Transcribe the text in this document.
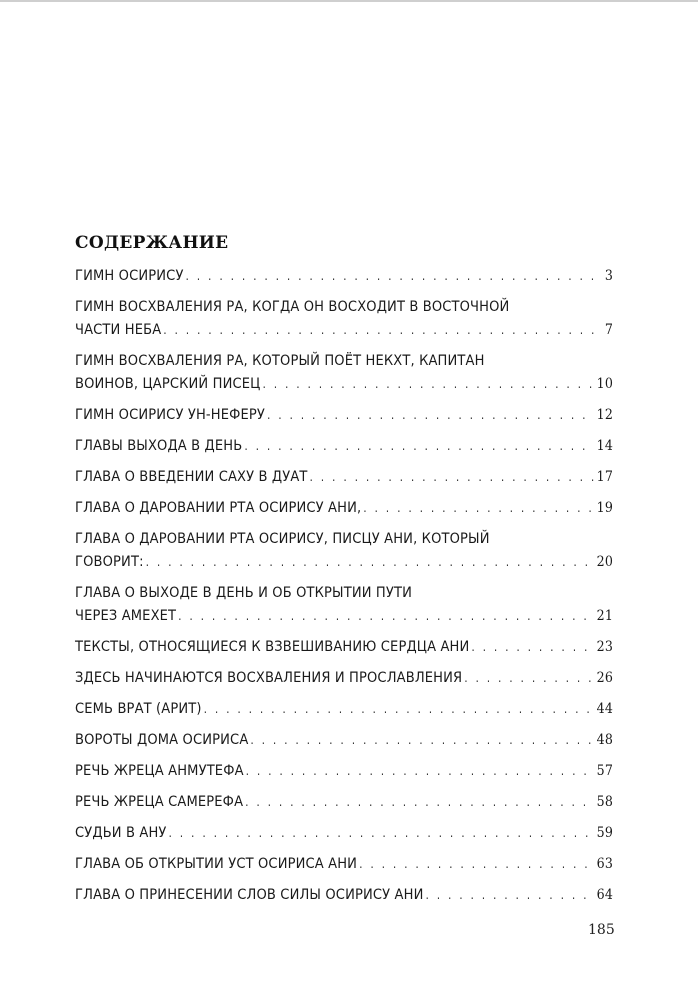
СОДЕРЖАНИЕ
ГИМН ОСИРИСУ . . .	3
ГИМН ВОСХВАЛЕНИЯ РА, КОГДА ОН ВОСХОДИТ В ВОСТОЧНОЙ
ЧАСТИ НЕБА . . .	7
ГИМН ВОСХВАЛЕНИЯ РА, КОТОРЫЙ ПОЁТ НЕКХТ, КАПИТАН
ВОИНОВ, ЦАРСКИЙ ПИСЕЦ . . .	10
ГИМН ОСИРИСУ УН-НЕФЕРУ . . .	12
ГЛАВЫ ВЫХОДА В ДЕНЬ . . .	14
ГЛАВА О ВВЕДЕНИИ САХУ В ДУАТ . . .	17
ГЛАВА О ДАРОВАНИИ РТА ОСИРИСУ АНИ, . . .	19
ГЛАВА О ДАРОВАНИИ РТА ОСИРИСУ, ПИСЦУ АНИ, КОТОРЫЙ
ГОВОРИТ: . . .	20
ГЛАВА О ВЫХОДЕ В ДЕНЬ И ОБ ОТКРЫТИИ ПУТИ
ЧЕРЕЗ АМЕХЕТ . . .	21
ТЕКСТЫ, ОТНОСЯЩИЕСЯ К ВЗВЕШИВАНИЮ СЕРДЦА АНИ . . .	23
ЗДЕСЬ НАЧИНАЮТСЯ ВОСХВАЛЕНИЯ И ПРОСЛАВЛЕНИЯ . . .	26
СЕМЬ ВРАТ (АРИТ) . . .	44
ВОРОТЫ ДОМА ОСИРИСА . . .	48
РЕЧЬ ЖРЕЦА АНМУТЕФА . . .	57
РЕЧЬ ЖРЕЦА САМЕРЕФА . . .	58
СУДЬИ В АНУ . . .	59
ГЛАВА ОБ ОТКРЫТИИ УСТ ОСИРИСА АНИ . . .	63
ГЛАВА О ПРИНЕСЕНИИ СЛОВ СИЛЫ ОСИРИСУ АНИ . . .	64
185
